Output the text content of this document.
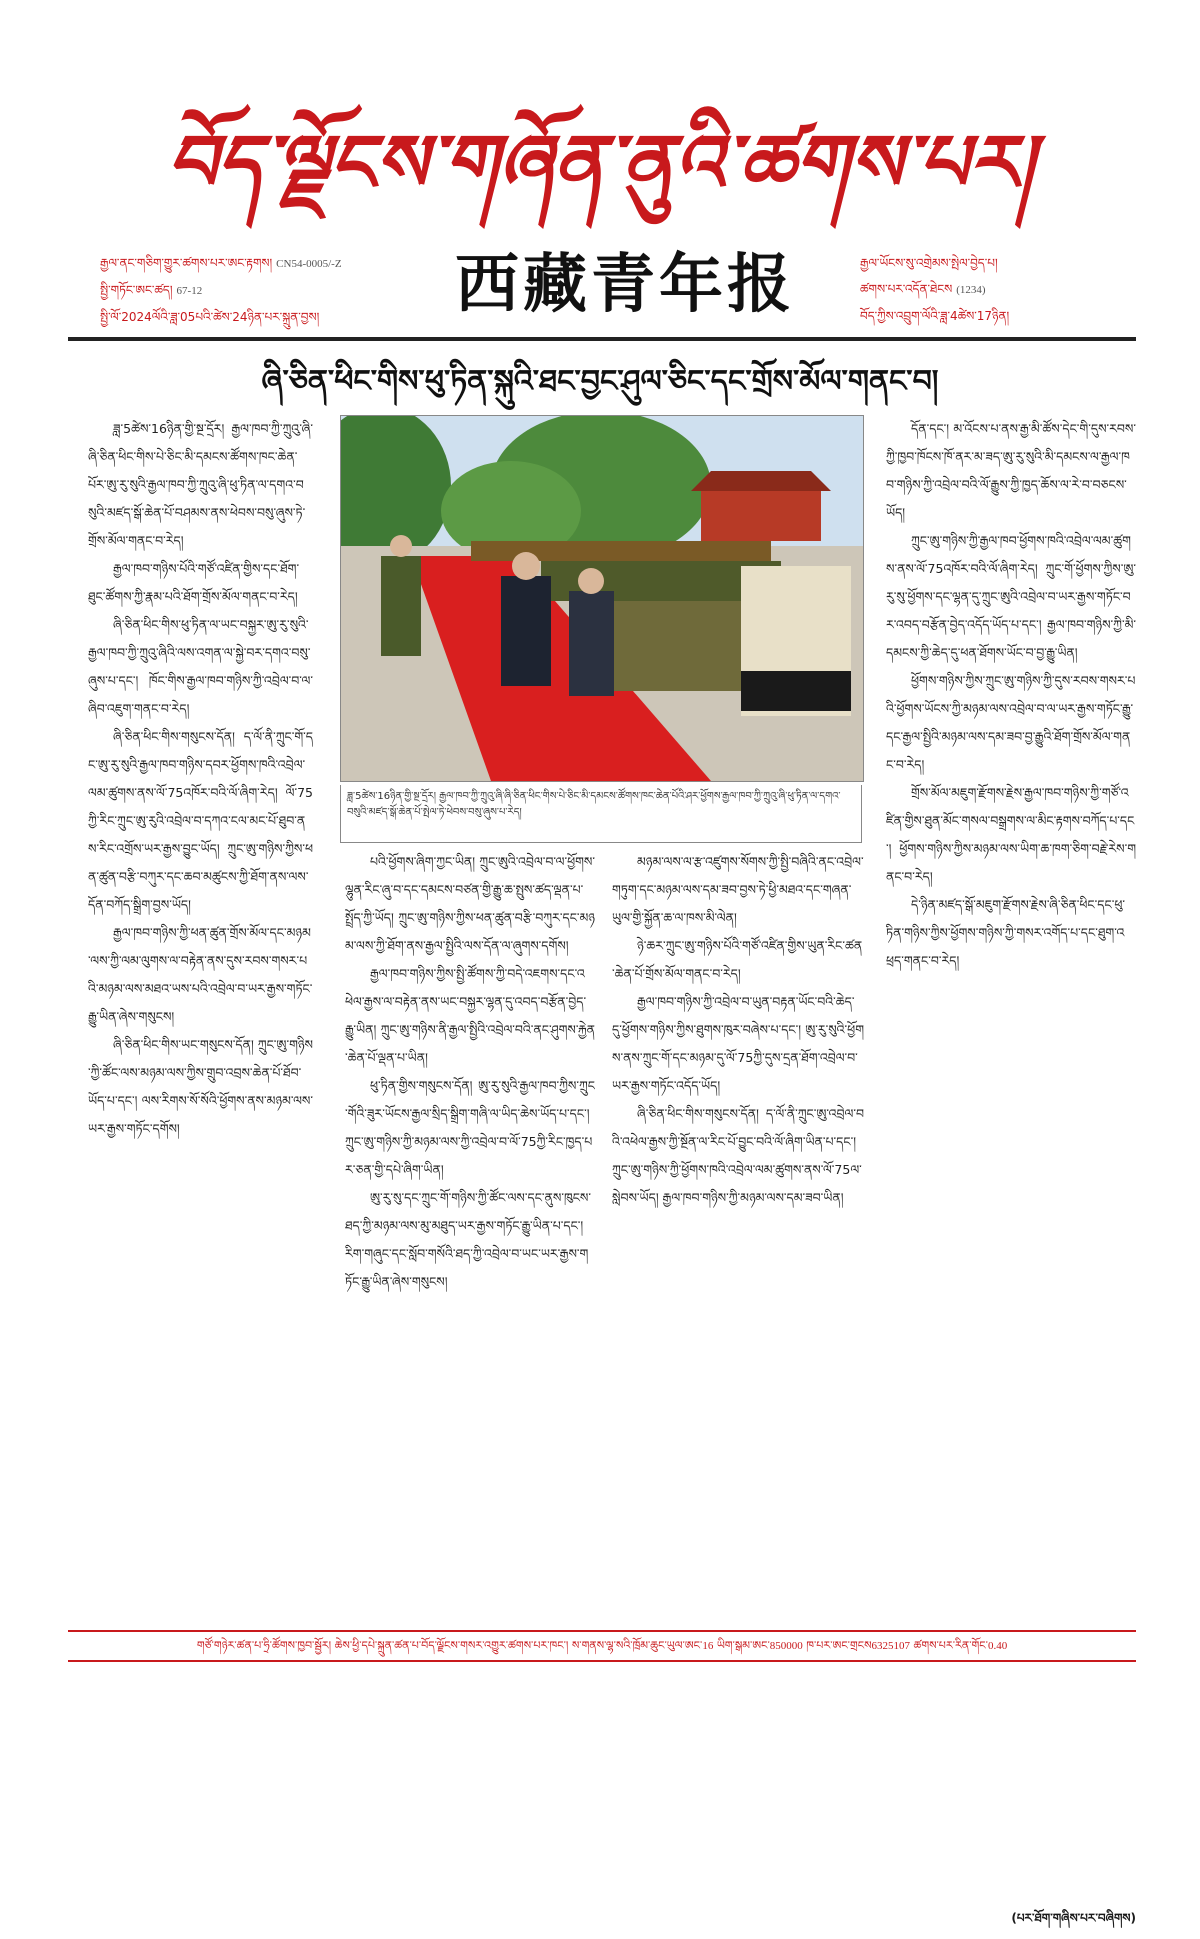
བོད་ལྗོངས་གཞོན་ནུའི་ཚགས་པར།
རྒྱལ་ནང་གཅིག་གྱུར་ཚགས་པར་ཨང་རྟགས། CN54-0005/-Z
སྤྱི་གཏོང་ཨང་ཚད། 67-12
སྤྱི་ལོ་2024ལོའི་ཟླ་05པའི་ཚེས་24ཉིན་པར་སྐྲུན་བྱས།	西藏青年报	རྒྱལ་ཡོངས་སུ་འགྲེམས་སྤེལ་བྱེད་པ།
ཚགས་པར་འདོན་ཐེངས (1234)
བོད་ཀྱིས་འབྲུག་ལོའི་ཟླ་4ཚེས་17ཉིན།
ཞི་ཅིན་ཕིང་གིས་ཕུ་ཏིན་སྐུའི་ཐང་བྱང་ཤུལ་ཅིང་དང་གྲོས་མོལ་གནང་བ།

ཟླ་5ཚེས་16ཉིན་གྱི་སྔ་དྲོར། རྒྱལ་ཁབ་ཀྱི་ཀྲུའུ་ཞི་ཞི་ཅིན་ཕིང་གིས་པེ་ཅིང་མི་དམངས་ཚོགས་ཁང་ཆེན་པོར་ཨུ་རུ་སུའི་རྒྱལ་ཁབ་ཀྱི་ཀྲུའུ་ཞི་ཕུ་ཏིན་ལ་དགའ་བསུའི་མཛད་སྒོ་ཆེན་པོ་བཤམས་ནས་ཕེབས་བསུ་ཞུས་ཏེ་གྲོས་མོལ་གནང་བ་རེད།

རྒྱལ་ཁབ་གཉིས་པོའི་གཙོ་འཛིན་གྱིས་དང་ཐོག་ཐུང་ཚོགས་ཀྱི་རྣམ་པའི་ཐོག་གྲོས་མོལ་གནང་བ་རེད།

ཞི་ཅིན་ཕིང་གིས་ཕུ་ཏིན་ལ་ཡང་བསྐྱར་ཨུ་རུ་སུའི་རྒྱལ་ཁབ་ཀྱི་ཀྲུའུ་ཞིའི་ལས་འགན་ལ་སྐྱེ་བར་དགའ་བསུ་ཞུས་པ་དང་། ཁོང་གིས་རྒྱལ་ཁབ་གཉིས་ཀྱི་འབྲེལ་བ་ལ་ཞིབ་འཇུག་གནང་བ་རེད།

ཞི་ཅིན་ཕིང་གིས་གསུངས་དོན། ད་ལོ་ནི་ཀྲུང་གོ་དང་ཨུ་རུ་སུའི་རྒྱལ་ཁབ་གཉིས་དབར་ཕྱོགས་ཁའི་འབྲེལ་ལམ་ཚུགས་ནས་ལོ་75འཁོར་བའི་ལོ་ཞིག་རེད། ལོ་75ཀྱི་རིང་ཀྲུང་ཨུ་རུའི་འབྲེལ་བ་དཀའ་ངལ་མང་པོ་ཐུབ་ནས་རིང་འགྲོས་ཡར་རྒྱས་བྱུང་ཡོད། ཀྲུང་ཨུ་གཉིས་ཀྱིས་ཕན་ཚུན་བརྩི་བཀུར་དང་ཆབ་མཚུངས་ཀྱི་ཐོག་ནས་ལས་དོན་བཀོད་སྒྲིག་བྱས་ཡོད།

རྒྱལ་ཁབ་གཉིས་ཀྱི་ཕན་ཚུན་གྲོས་མོལ་དང་མཉམ་ལས་ཀྱི་ལམ་ལུགས་ལ་བརྟེན་ནས་དུས་རབས་གསར་པའི་མཉམ་ལས་མཐའ་ཡས་པའི་འབྲེལ་བ་ཡར་རྒྱས་གཏོང་རྒྱུ་ཡིན་ཞེས་གསུངས།

ཞི་ཅིན་ཕིང་གིས་ཡང་གསུངས་དོན། ཀྲུང་ཨུ་གཉིས་ཀྱི་ཚོང་ལས་མཉམ་ལས་ཀྱིས་གྲུབ་འབྲས་ཆེན་པོ་ཐོབ་ཡོད་པ་དང་། ལས་རིགས་སོ་སོའི་ཕྱོགས་ནས་མཉམ་ལས་ཡར་རྒྱས་གཏོང་དགོས།

ཟླ་5ཚེས་16ཉིན་གྱི་སྔ་དྲོར། རྒྱལ་ཁབ་ཀྱི་ཀྲུའུ་ཞི་ཞི་ཅིན་ཕིང་གིས་པེ་ཅིང་མི་དམངས་ཚོགས་ཁང་ཆེན་པོའི་ཤར་ཕྱོགས་རྒྱལ་ཁབ་ཀྱི་ཀྲུའུ་ཞི་ཕུ་ཏིན་ལ་དགའ་བསུའི་མཛད་སྒོ་ཆེན་པོ་སྤེལ་ཏེ་ཕེབས་བསུ་ཞུས་པ་རེད།

པའི་ཕྱོགས་ཞིག་ཀྱང་ཡིན། ཀྲུང་ཨུའི་འབྲེལ་བ་ལ་ཕྱོགས་ལྷུན་རིང་ཞུ་བ་དང་དམངས་བཙན་གྱི་རྒྱུ་ཆ་སྤུས་ཚད་ལྡན་པ་སྤྲོད་ཀྱི་ཡོད། ཀྲུང་ཨུ་གཉིས་ཀྱིས་ཕན་ཚུན་བརྩི་བཀུར་དང་མཉམ་ལས་ཀྱི་ཐོག་ནས་རྒྱལ་སྤྱིའི་ལས་དོན་ལ་ཞུགས་དགོས།

རྒྱལ་ཁབ་གཉིས་ཀྱིས་སྤྱི་ཚོགས་ཀྱི་བདེ་འཇགས་དང་འཕེལ་རྒྱས་ལ་བརྟེན་ནས་ཡང་བསྐྱར་ལྷན་དུ་འབད་བརྩོན་བྱེད་རྒྱུ་ཡིན། ཀྲུང་ཨུ་གཉིས་ནི་རྒྱལ་སྤྱིའི་འབྲེལ་བའི་ནང་ཤུགས་རྐྱེན་ཆེན་པོ་ལྡན་པ་ཡིན།

ཕུ་ཏིན་གྱིས་གསུངས་དོན། ཨུ་རུ་སུའི་རྒྱལ་ཁབ་ཀྱིས་ཀྲུང་གོའི་ཟུར་ཡོངས་རྒྱལ་སྲིད་སྒྲིག་གཞི་ལ་ཡིད་ཆེས་ཡོད་པ་དང་། ཀྲུང་ཨུ་གཉིས་ཀྱི་མཉམ་ལས་ཀྱི་འབྲེལ་བ་ལོ་75ཀྱི་རིང་ཁྱད་པར་ཅན་གྱི་དཔེ་ཞིག་ཡིན།

ཨུ་རུ་སུ་དང་ཀྲུང་གོ་གཉིས་ཀྱི་ཚོང་ལས་དང་ནུས་ཁུངས་ཐད་ཀྱི་མཉམ་ལས་མུ་མཐུད་ཡར་རྒྱས་གཏོང་རྒྱུ་ཡིན་པ་དང་། རིག་གཞུང་དང་སློབ་གསོའི་ཐད་ཀྱི་འབྲེལ་བ་ཡང་ཡར་རྒྱས་གཏོང་རྒྱུ་ཡིན་ཞེས་གསུངས།

མཉམ་ལས་ལ་རྩ་འཛུགས་སོགས་ཀྱི་སྤྱི་བཞིའི་ནང་འབྲེལ་གཏུག་དང་མཉམ་ལས་དམ་ཟབ་བྱས་ཏེ་ཕྱི་མཐའ་དང་གཞན་ཡུལ་གྱི་སྐྱོན་ཆ་ལ་ཁས་མི་ལེན།

ཉེ་ཆར་ཀྲུང་ཨུ་གཉིས་པོའི་གཙོ་འཛིན་གྱིས་ཡུན་རིང་ཚན་ཆེན་པོ་གྲོས་མོལ་གནང་བ་རེད།

རྒྱལ་ཁབ་གཉིས་ཀྱི་འབྲེལ་བ་ཡུན་བརྟན་ཡོང་བའི་ཆེད་དུ་ཕྱོགས་གཉིས་ཀྱིས་ཐུགས་ཁུར་བཞེས་པ་དང་། ཨུ་རུ་སུའི་ཕྱོགས་ནས་ཀྲུང་གོ་དང་མཉམ་དུ་ལོ་75ཀྱི་དུས་དྲན་ཐོག་འབྲེལ་བ་ཡར་རྒྱས་གཏོང་འདོད་ཡོད།

ཞི་ཅིན་ཕིང་གིས་གསུངས་དོན། ད་ལོ་ནི་ཀྲུང་ཨུ་འབྲེལ་བའི་འཕེལ་རྒྱས་ཀྱི་སྔོན་ལ་རིང་པོ་བྱུང་བའི་ལོ་ཞིག་ཡིན་པ་དང་། ཀྲུང་ཨུ་གཉིས་ཀྱི་ཕྱོགས་ཁའི་འབྲེལ་ལམ་ཚུགས་ནས་ལོ་75ལ་སླེབས་ཡོད། རྒྱལ་ཁབ་གཉིས་ཀྱི་མཉམ་ལས་དམ་ཟབ་ཡིན།

དོན་དང་། མ་འོངས་པ་ནས་རྒྱ་མི་ཚོས་དེང་གི་དུས་རབས་ཀྱི་ཁྱབ་ཁོངས་ཁོ་ནར་མ་ཟད་ཨུ་རུ་སུའི་མི་དམངས་ལ་རྒྱལ་ཁབ་གཉིས་ཀྱི་འབྲེལ་བའི་ལོ་རྒྱུས་ཀྱི་ཁྱད་ཆོས་ལ་རེ་བ་བཅངས་ཡོད།

ཀྲུང་ཨུ་གཉིས་ཀྱི་རྒྱལ་ཁབ་ཕྱོགས་ཁའི་འབྲེལ་ལམ་ཚུགས་ནས་ལོ་75འཁོར་བའི་ལོ་ཞིག་རེད། ཀྲུང་གོ་ཕྱོགས་ཀྱིས་ཨུ་རུ་སུ་ཕྱོགས་དང་ལྷན་དུ་ཀྲུང་ཨུའི་འབྲེལ་བ་ཡར་རྒྱས་གཏོང་བར་འབད་བརྩོན་བྱེད་འདོད་ཡོད་པ་དང་། རྒྱལ་ཁབ་གཉིས་ཀྱི་མི་དམངས་ཀྱི་ཆེད་དུ་ཕན་ཐོགས་ཡོང་བ་བྱ་རྒྱུ་ཡིན།

ཕྱོགས་གཉིས་ཀྱིས་ཀྲུང་ཨུ་གཉིས་ཀྱི་དུས་རབས་གསར་པའི་ཕྱོགས་ཡོངས་ཀྱི་མཉམ་ལས་འབྲེལ་བ་ལ་ཡར་རྒྱས་གཏོང་རྒྱུ་དང་རྒྱལ་སྤྱིའི་མཉམ་ལས་དམ་ཟབ་བྱ་རྒྱུའི་ཐོག་གྲོས་མོལ་གནང་བ་རེད།

གྲོས་མོལ་མཇུག་རྫོགས་རྗེས་རྒྱལ་ཁབ་གཉིས་ཀྱི་གཙོ་འཛིན་གྱིས་ཐུན་མོང་གསལ་བསྒྲགས་ལ་མིང་རྟགས་བཀོད་པ་དང་། ཕྱོགས་གཉིས་ཀྱིས་མཉམ་ལས་ཡིག་ཆ་ཁག་ཅིག་བརྗེ་རེས་གནང་བ་རེད།

དེ་ཉིན་མཛད་སྒོ་མཇུག་རྫོགས་རྗེས་ཞི་ཅིན་ཕིང་དང་ཕུ་ཏིན་གཉིས་ཀྱིས་ཕྱོགས་གཉིས་ཀྱི་གསར་འགོད་པ་དང་ཐུག་འཕྲད་གནང་བ་རེད།

(པར་ཐོག་གཞིས་པར་བཞིགས)
གཙོ་གཉེར་ཚན་པ་ཧྲི་ཚོགས་ཁྱབ་སྦྱོར། ཆེས་ཕྱི་དཔེ་སྐྲུན་ཚན་པ་བོད་ལྗོངས་གསར་འགྱུར་ཚགས་པར་ཁང་། ས་གནས་ལྷ་སའི་ཁྲོམ་ཆུང་ཡུལ་ཨང་16 ཡིག་སྒམ་ཨང་850000 ཁ་པར་ཨང་གྲངས6325107 ཚགས་པར་རིན་གོང་0.40
